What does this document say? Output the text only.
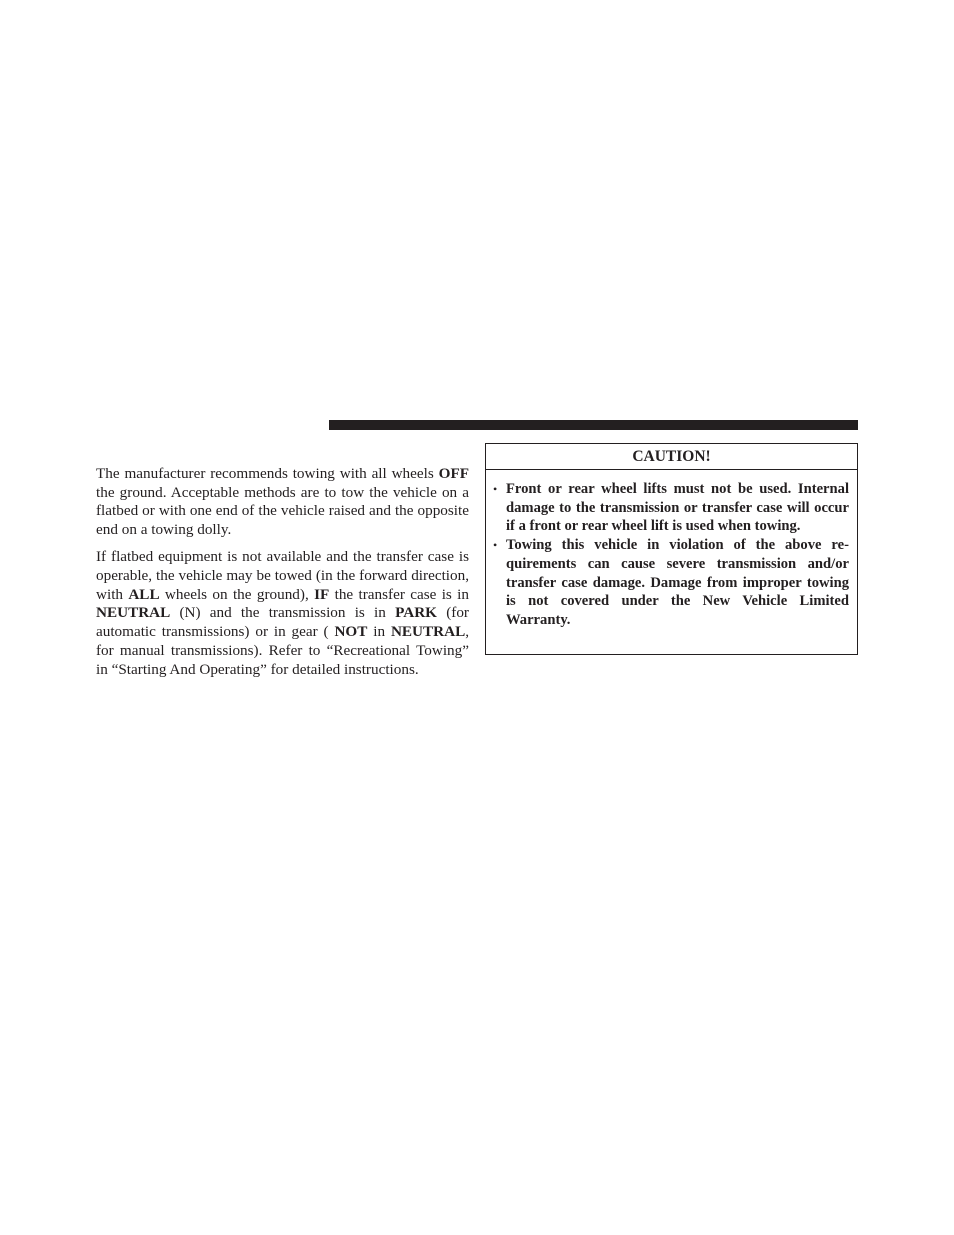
The manufacturer recommends towing with all wheels OFF the ground. Acceptable methods are to tow the vehicle on a flatbed or with one end of the vehicle raised and the opposite end on a towing dolly.

If flatbed equipment is not available and the transfer case is operable, the vehicle may be towed (in the forward direction, with ALL wheels on the ground), IF the transfer case is in NEUTRAL (N) and the transmission is in PARK (for automatic transmissions) or in gear ( NOT in NEUTRAL, for manual transmissions). Refer to “Recreational Towing” in “Starting And Operating” for detailed instructions.

CAUTION!
• Front or rear wheel lifts must not be used. Internal damage to the transmission or transfer case will occur if a front or rear wheel lift is used when towing.
• Towing this vehicle in violation of the above requirements can cause severe transmission and/or transfer case damage. Damage from improper towing is not covered under the New Vehicle Limited Warranty.
